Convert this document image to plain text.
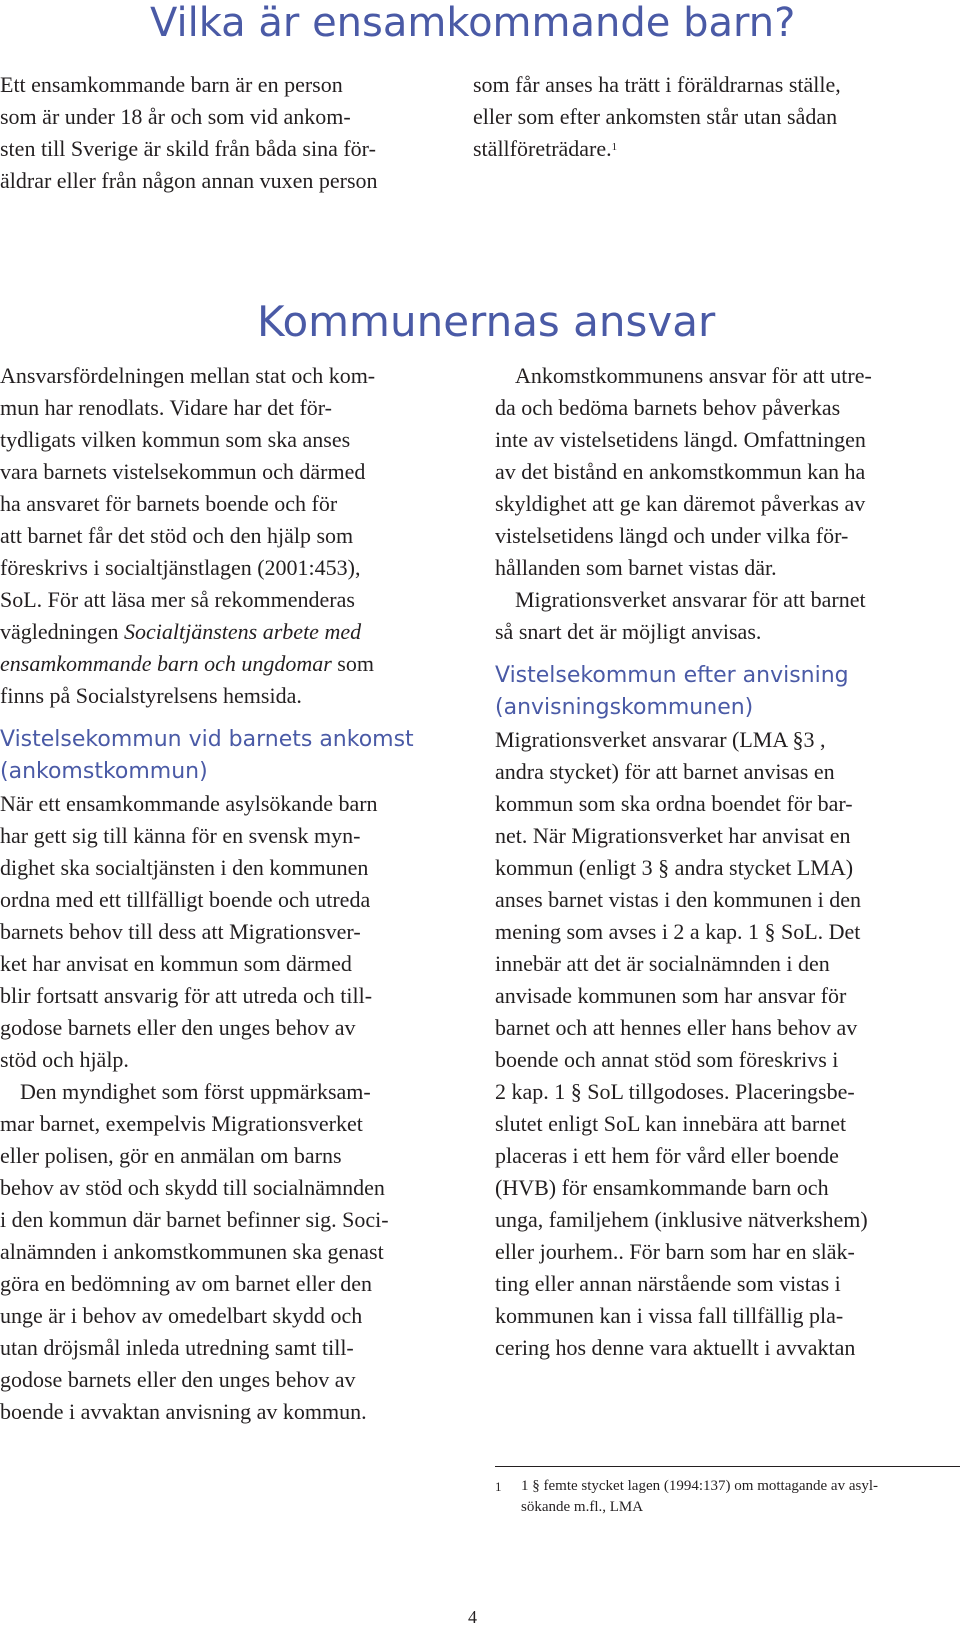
Vilka är ensamkommande barn?

Ett ensamkommande barn är en person
som är under 18 år och som vid ankom-
sten till Sverige är skild från båda sina för-
äldrar eller från någon annan vuxen person

som får anses ha trätt i föräldrarnas ställe,
eller som efter ankomsten står utan sådan
ställföreträdare.$^1$

Kommunernas ansvar

Ansvarsfördelningen mellan stat och kom-
mun har renodlats. Vidare har det för-
tydligats vilken kommun som ska anses
vara barnets vistelsekommun och därmed
ha ansvaret för barnets boende och för
att barnet får det stöd och den hjälp som
föreskrivs i socialtjänstlagen (2001:453),
SoL. För att läsa mer så rekommenderas
vägledningen Socialtjänstens arbete med
ensamkommande barn och ungdomar som
finns på Socialstyrelsens hemsida.

Vistelsekommun vid barnets ankomst
(ankomstkommun)

När ett ensamkommande asylsökande barn
har gett sig till känna för en svensk myn-
dighet ska socialtjänsten i den kommunen
ordna med ett tillfälligt boende och utreda
barnets behov till dess att Migrationsver-
ket har anvisat en kommun som därmed
blir fortsatt ansvarig för att utreda och till-
godose barnets eller den unges behov av
stöd och hjälp.

Den myndighet som först uppmärksam-
mar barnet, exempelvis Migrationsverket
eller polisen, gör en anmälan om barns
behov av stöd och skydd till socialnämnden
i den kommun där barnet befinner sig. Soci-
alnämnden i ankomstkommunen ska genast
göra en bedömning av om barnet eller den
unge är i behov av omedelbart skydd och
utan dröjsmål inleda utredning samt till-
godose barnets eller den unges behov av
boende i avvaktan anvisning av kommun.

Ankomstkommunens ansvar för att utre-
da och bedöma barnets behov påverkas
inte av vistelsetidens längd. Omfattningen
av det bistånd en ankomstkommun kan ha
skyldighet att ge kan däremot påverkas av
vistelsetidens längd och under vilka för-
hållanden som barnet vistas där.

Migrationsverket ansvarar för att barnet
så snart det är möjligt anvisas.

Vistelsekommun efter anvisning
(anvisningskommunen)

Migrationsverket ansvarar (LMA §3 ,
andra stycket) för att barnet anvisas en
kommun som ska ordna boendet för bar-
net. När Migrationsverket har anvisat en
kommun (enligt 3 § andra stycket LMA)
anses barnet vistas i den kommunen i den
mening som avses i 2 a kap. 1 § SoL. Det
innebär att det är socialnämnden i den
anvisade kommunen som har ansvar för
barnet och att hennes eller hans behov av
boende och annat stöd som föreskrivs i
2 kap. 1 § SoL tillgodoses. Placeringsbe-
slutet enligt SoL kan innebära att barnet
placeras i ett hem för vård eller boende
(HVB) för ensamkommande barn och
unga, familjehem (inklusive nätverkshem)
eller jourhem.. För barn som har en släk-
ting eller annan närstående som vistas i
kommunen kan i vissa fall tillfällig pla-
cering hos denne vara aktuellt i avvaktan

1 1 § femte stycket lagen (1994:137) om mottagande av asyl-
sökande m.fl., LMA
4
